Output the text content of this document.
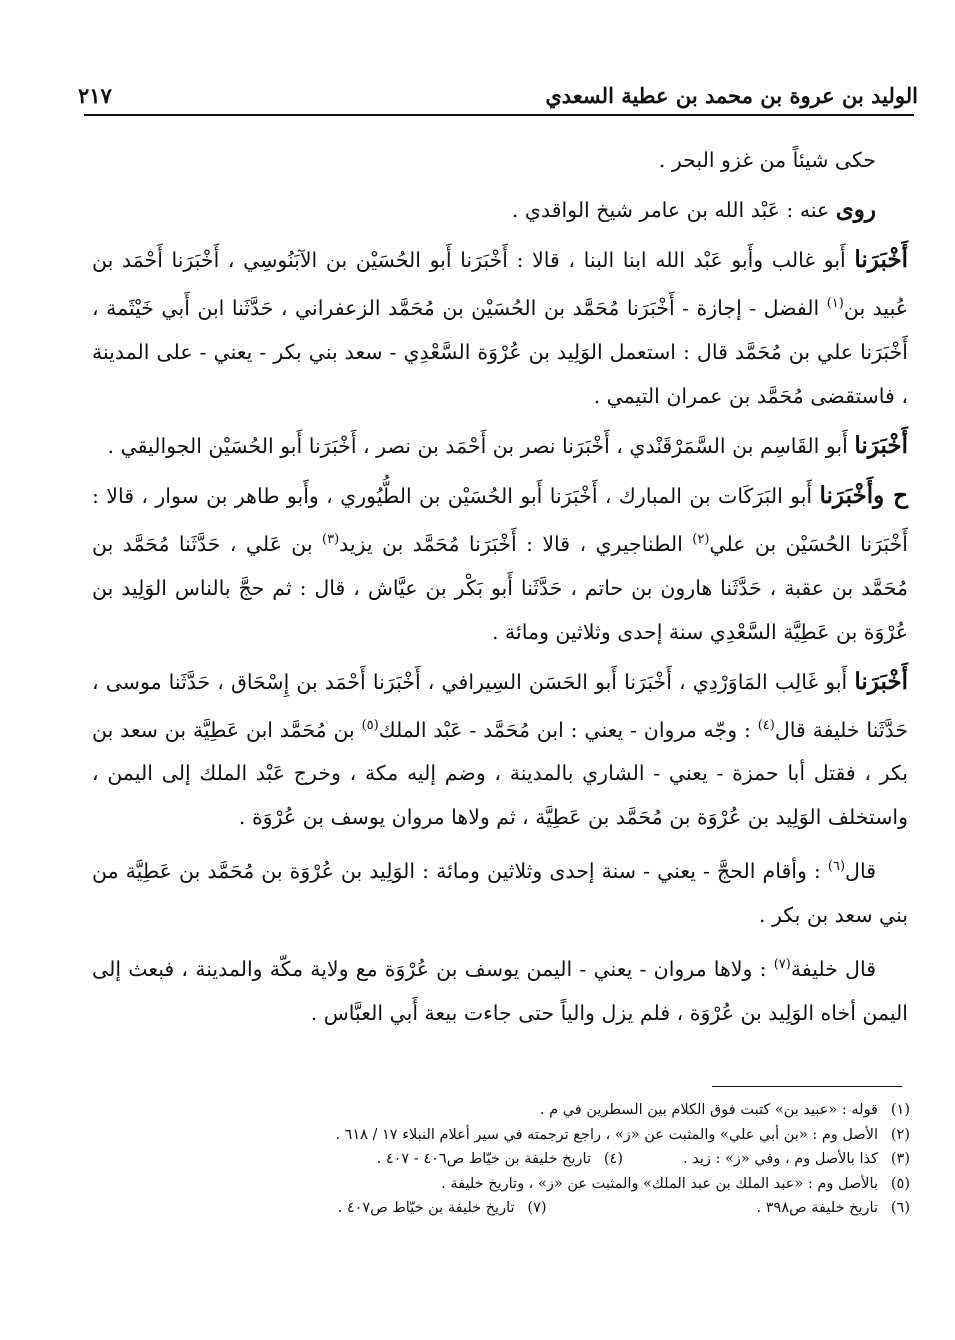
الوليد بن عروة بن محمد بن عطية السعدي
٢١٧

حكى شيئاً من غزو البحر .

روى عنه : عَبْد الله بن عامر شيخ الواقدي .

أَخْبَرَنا أَبو غالب وأَبو عَبْد الله ابنا البنا ، قالا : أَخْبَرَنا أَبو الحُسَيْن بن الآبَنُوسِي ، أَخْبَرَنا أَحْمَد بن عُبيد بن$^{(١)}$ الفضل - إجازة - أَخْبَرَنا مُحَمَّد بن الحُسَيْن بن مُحَمَّد الزعفراني ، حَدَّثَنا ابن أَبي خَيْثَمة ، أَخْبَرَنا علي بن مُحَمَّد قال : استعمل الوَلِيد بن عُرْوَة السَّعْدِي - سعد بني بكر - يعني - على المدينة ، فاستقضى مُحَمَّد بن عمران التيمي .

أَخْبَرَنا أَبو القَاسِم بن السَّمَرْقَنْدي ، أَخْبَرَنا نصر بن أَحْمَد بن نصر ، أَخْبَرَنا أَبو الحُسَيْن الجواليقي .

ح وأَخْبَرَنا أَبو البَرَكَات بن المبارك ، أَخْبَرَنا أَبو الحُسَيْن بن الطُّيُوري ، وأَبو طاهر بن سوار ، قالا : أَخْبَرَنا الحُسَيْن بن علي$^{(٢)}$ الطناجيري ، قالا : أَخْبَرَنا مُحَمَّد بن يزيد$^{(٣)}$ بن عَلي ، حَدَّثَنا مُحَمَّد بن مُحَمَّد بن عقبة ، حَدَّثَنا هارون بن حاتم ، حَدَّثَنا أَبو بَكْر بن عيَّاش ، قال : ثم حجَّ بالناس الوَلِيد بن عُرْوَة بن عَطِيَّة السَّعْدِي سنة إحدى وثلاثين ومائة .

أَخْبَرَنا أَبو غَالِب المَاوَرْدِي ، أَخْبَرَنا أَبو الحَسَن السِيرافي ، أَخْبَرَنا أَحْمَد بن إِسْحَاق ، حَدَّثَنا موسى ، حَدَّثَنا خليفة قال$^{(٤)}$ : وجّه مروان - يعني : ابن مُحَمَّد - عَبْد الملك$^{(٥)}$ بن مُحَمَّد ابن عَطِيَّة بن سعد بن بكر ، فقتل أبا حمزة - يعني - الشاري بالمدينة ، وضم إليه مكة ، وخرج عَبْد الملك إلى اليمن ، واستخلف الوَلِيد بن عُرْوَة بن مُحَمَّد بن عَطِيَّة ، ثم ولاها مروان يوسف بن عُرْوَة .

قال$^{(٦)}$ : وأقام الحجَّ - يعني - سنة إحدى وثلاثين ومائة : الوَلِيد بن عُرْوَة بن مُحَمَّد بن عَطِيَّة من بني سعد بن بكر .

قال خليفة$^{(٧)}$ : ولاها مروان - يعني - اليمن يوسف بن عُرْوَة مع ولاية مكّة والمدينة ، فبعث إلى اليمن أخاه الوَلِيد بن عُرْوَة ، فلم يزل والياً حتى جاءت بيعة أَبي العبَّاس .

(١)
قوله : «عبيد بن» كتبت فوق الكلام بين السطرين في م .
(٢)
الأصل وم : «بن أبي علي» والمثبت عن «ز» ، راجع ترجمته في سير أعلام النبلاء ١٧ / ٦١٨ .
(٣)كذا بالأصل وم ، وفي «ز» : زيد .
(٤)تاريخ خليفة بن خيّاط ص٤٠٦ - ٤٠٧ .
(٥)
بالأصل وم : «عبد الملك بن عبد الملك» والمثبت عن «ز» ، وتاريخ خليفة .
(٦)تاريخ خليفة ص٣٩٨ .
(٧)تاريخ خليفة بن خيّاط ص٤٠٧ .
